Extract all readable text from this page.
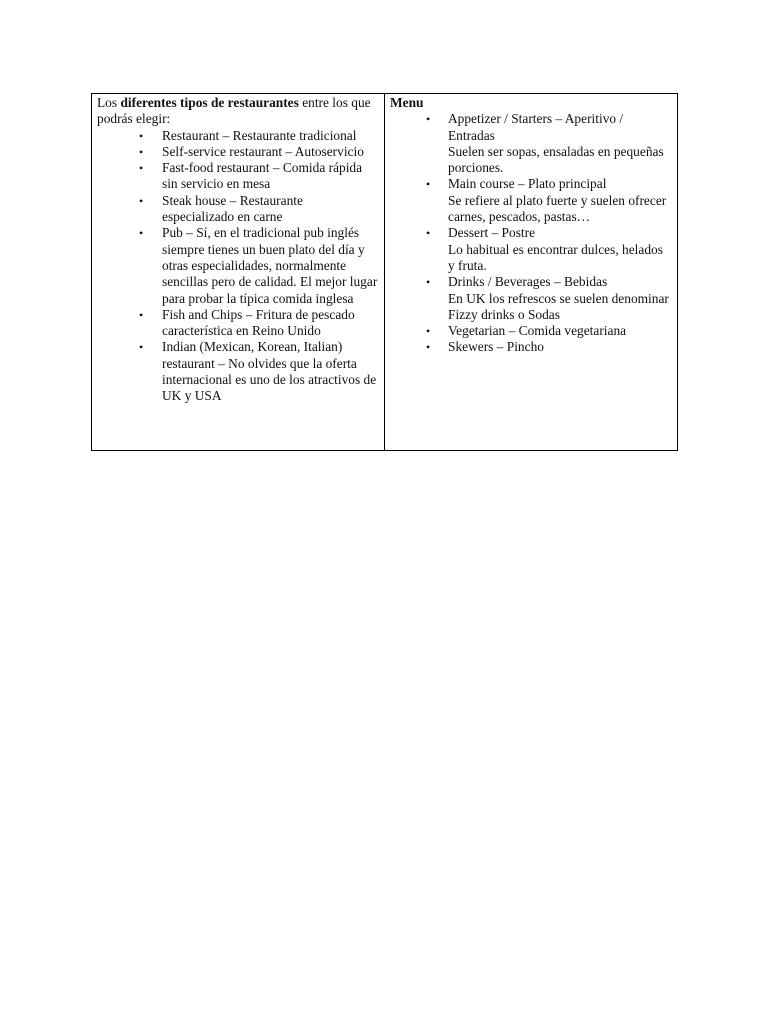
Los diferentes tipos de restaurantes entre los que podrás elegir:
• Restaurant – Restaurante tradicional
• Self-service restaurant – Autoservicio
• Fast-food restaurant – Comida rápida sin servicio en mesa
• Steak house – Restaurante especializado en carne
• Pub – Sí, en el tradicional pub inglés siempre tienes un buen plato del día y otras especialidades, normalmente sencillas pero de calidad. El mejor lugar para probar la típica comida inglesa
• Fish and Chips – Fritura de pescado característica en Reino Unido
• Indian (Mexican, Korean, Italian) restaurant – No olvides que la oferta internacional es uno de los atractivos de UK y USA
Menu
• Appetizer / Starters – Aperitivo / Entradas
Suelen ser sopas, ensaladas en pequeñas porciones.
• Main course – Plato principal
Se refiere al plato fuerte y suelen ofrecer carnes, pescados, pastas…
• Dessert – Postre
Lo habitual es encontrar dulces, helados y fruta.
• Drinks / Beverages – Bebidas
En UK los refrescos se suelen denominar Fizzy drinks o Sodas
• Vegetarian – Comida vegetariana
• Skewers – Pincho
